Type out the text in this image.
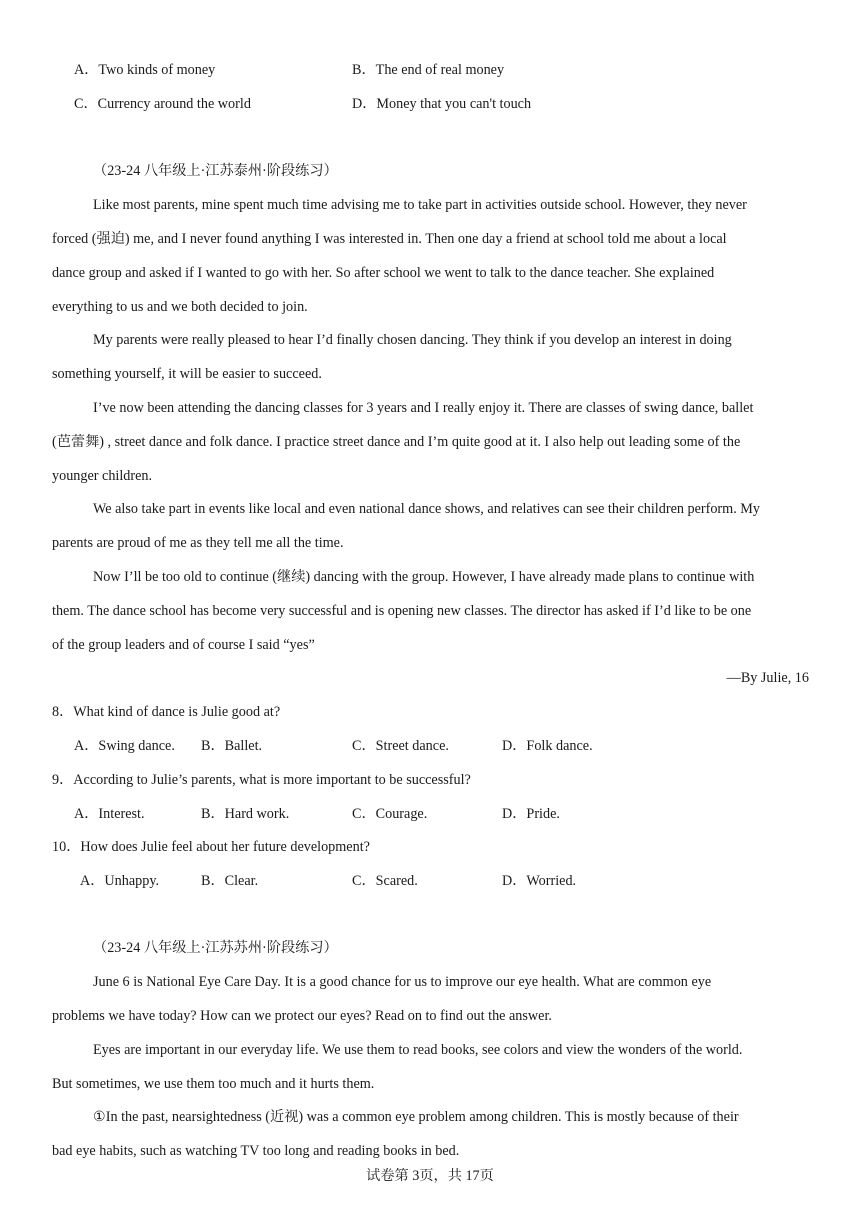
A．Two kinds of money	B．The end of real money
C．Currency around the world	D．Money that you can't touch
（23-24 八年级上·江苏泰州·阶段练习）
Like most parents, mine spent much time advising me to take part in activities outside school. However, they never
forced (强迫) me, and I never found anything I was interested in. Then one day a friend at school told me about a local
dance group and asked if I wanted to go with her. So after school we went to talk to the dance teacher. She explained
everything to us and we both decided to join.
My parents were really pleased to hear I’d finally chosen dancing. They think if you develop an interest in doing
something yourself, it will be easier to succeed.
I’ve now been attending the dancing classes for 3 years and I really enjoy it. There are classes of swing dance, ballet
(芭蕾舞) , street dance and folk dance. I practice street dance and I’m quite good at it. I also help out leading some of the
younger children.
We also take part in events like local and even national dance shows, and relatives can see their children perform. My
parents are proud of me as they tell me all the time.
Now I’ll be too old to continue (继续) dancing with the group. However, I have already made plans to continue with
them. The dance school has become very successful and is opening new classes. The director has asked if I’d like to be one
of the group leaders and of course I said “yes”
—By Julie, 16
8．What kind of dance is Julie good at?
A．Swing dance. B．Ballet.	C．Street dance.	D．Folk dance.
9．According to Julie’s parents, what is more important to be successful?
A．Interest.	B．Hard work.	C．Courage.	D．Pride.
10．How does Julie feel about her future development?
A．Unhappy.	B．Clear.	C．Scared.	D．Worried.
（23-24 八年级上·江苏苏州·阶段练习）
June 6 is National Eye Care Day. It is a good chance for us to improve our eye health. What are common eye
problems we have today? How can we protect our eyes? Read on to find out the answer.
Eyes are important in our everyday life. We use them to read books, see colors and view the wonders of the world.
But sometimes, we use them too much and it hurts them.
①In the past, nearsightedness (近视) was a common eye problem among children. This is mostly because of their
bad eye habits, such as watching TV too long and reading books in bed.
试卷第 3页，共 17页
